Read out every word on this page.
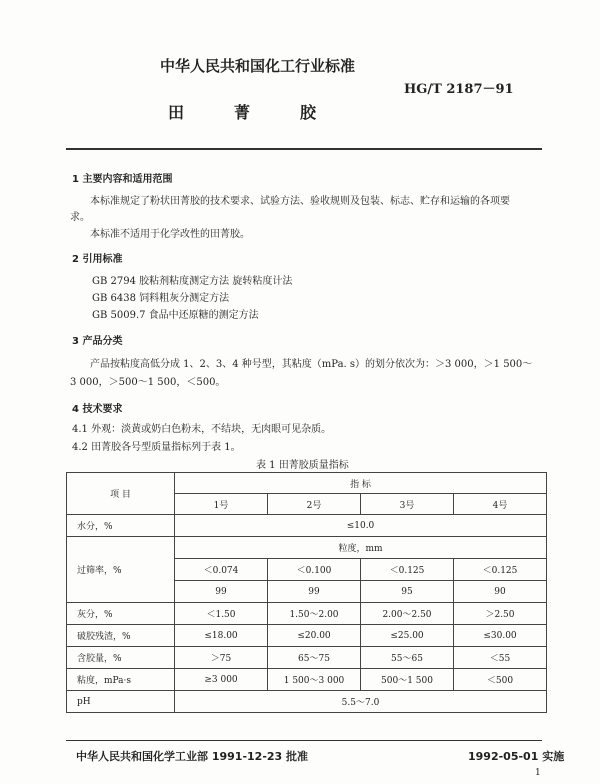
中华人民共和国化工行业标准
HG/T 2187－91
田菁胶
1 主要内容和适用范围
本标准规定了粉状田菁胶的技术要求、试验方法、验收规则及包装、标志、贮存和运输的各项要
求。
本标准不适用于化学改性的田菁胶。
2 引用标准
GB 2794 胶粘剂粘度测定方法 旋转粘度计法
GB 6438 饲料粗灰分测定方法
GB 5009.7 食品中还原糖的测定方法
3 产品分类
产品按粘度高低分成 1、2、3、4 种号型，其粘度（mPa. s）的划分依次为：＞3 000，＞1 500～
3 000，＞500～1 500，＜500。
4 技术要求
4.1 外观：淡黄或奶白色粉末，不结块，无肉眼可见杂质。
4.2 田菁胶各号型质量指标列于表 1。
表 1 田菁胶质量指标
项 目	指 标			
	1号	2号	3号	4号
水分，%	≤10.0			
过筛率，%	粒度，mm			
	＜0.074	＜0.100	＜0.125	＜0.125
	99	99	95	90
灰分，%	＜1.50	1.50～2.00	2.00～2.50	＞2.50
破胶残渣，%	≤18.00	≤20.00	≤25.00	≤30.00
含胶量，%	＞75	65～75	55～65	＜55
粘度，mPa·s	≥3 000	1 500～3 000	500～1 500	＜500
pH	5.5～7.0			
中华人民共和国化学工业部 1991-12-23 批准	1992-05-01 实施
1
